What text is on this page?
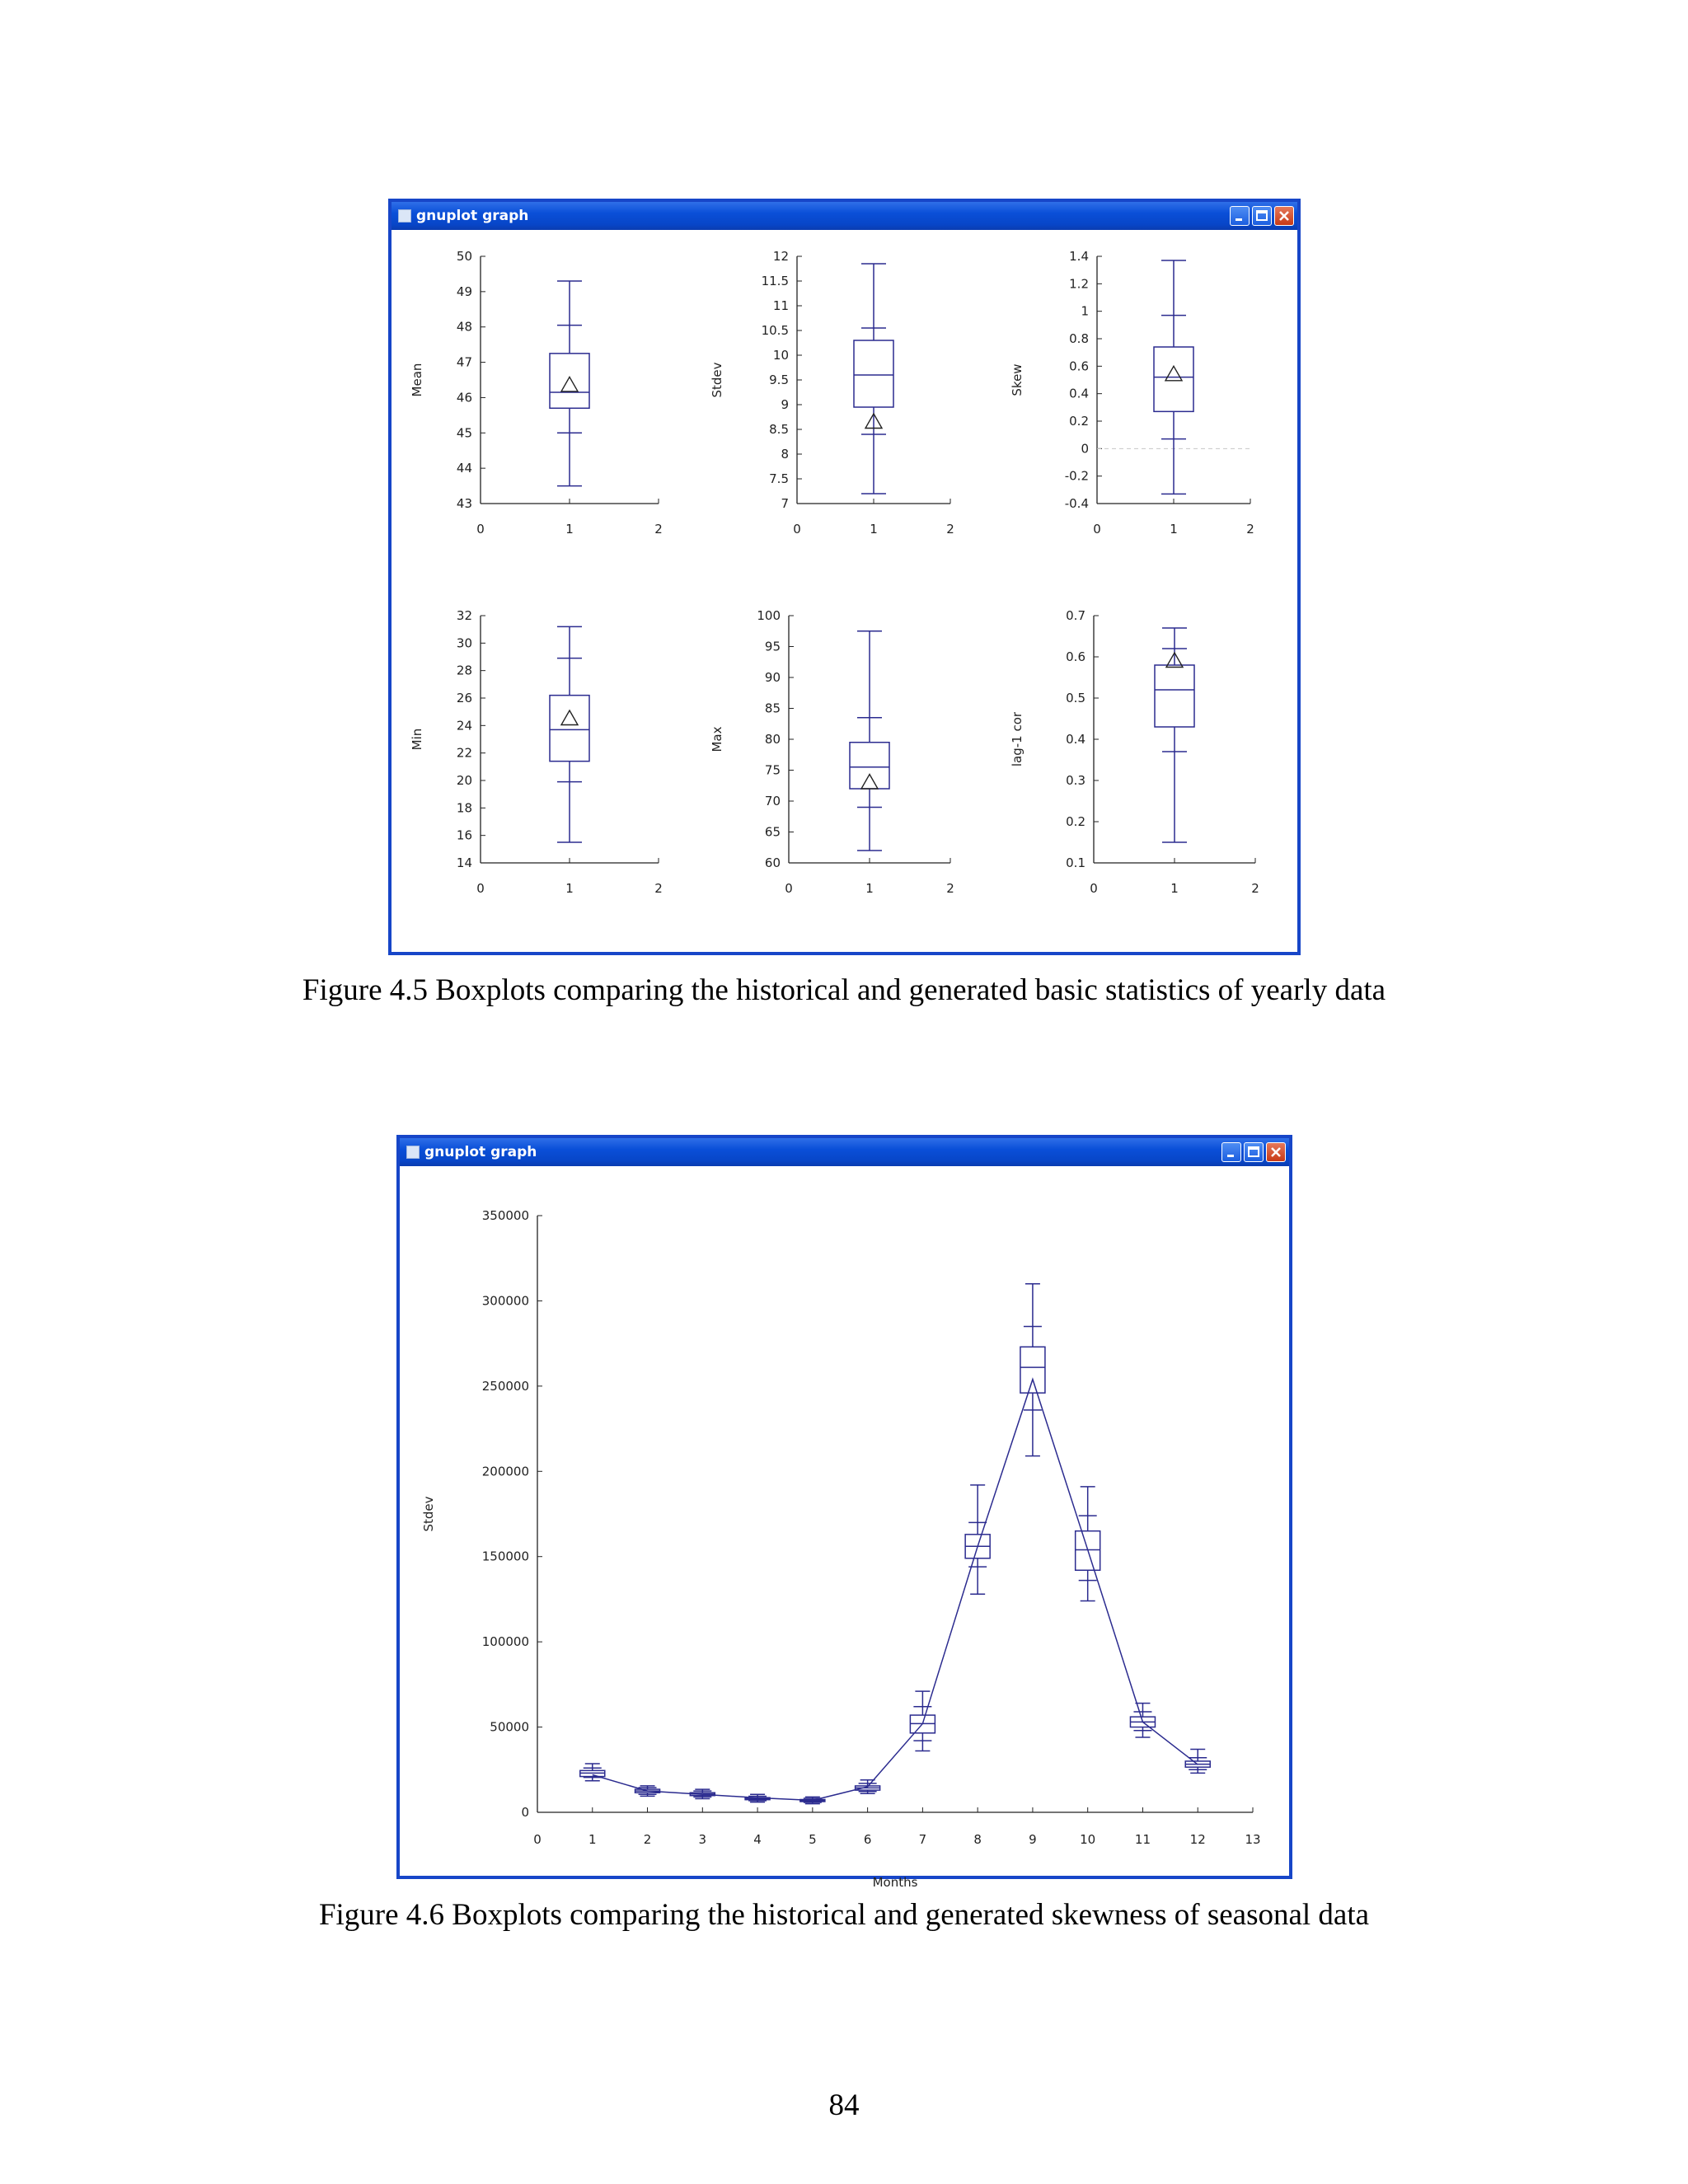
gnuplot graph
43
44
45
46
47
48
49
50
0	1	2
Mean
7
7.5
8
8.5
9
9.5
10
10.5
11
11.5
12
0	1	2
Stdev
-0.4
-0.2
0
0.2
0.4
0.6
0.8
1
1.2
1.4
0	1	2
Skew
14
16
18
20
22
24
26
28
30
32
0	1	2
Min
60
65
70
75
80
85
90
95
100
0	1	2
Max
0.1
0.2
0.3
0.4
0.5
0.6
0.7
0	1	2
lag-1 cor
Figure 4.5 Boxplots comparing the historical and generated basic statistics of yearly data
gnuplot graph
0
50000
100000
150000
200000
250000
300000
350000
0	1	2	3	4	5	6	7	8	9	10	11	12	13
Stdev
Months
Figure 4.6 Boxplots comparing the historical and generated skewness of seasonal data
84
